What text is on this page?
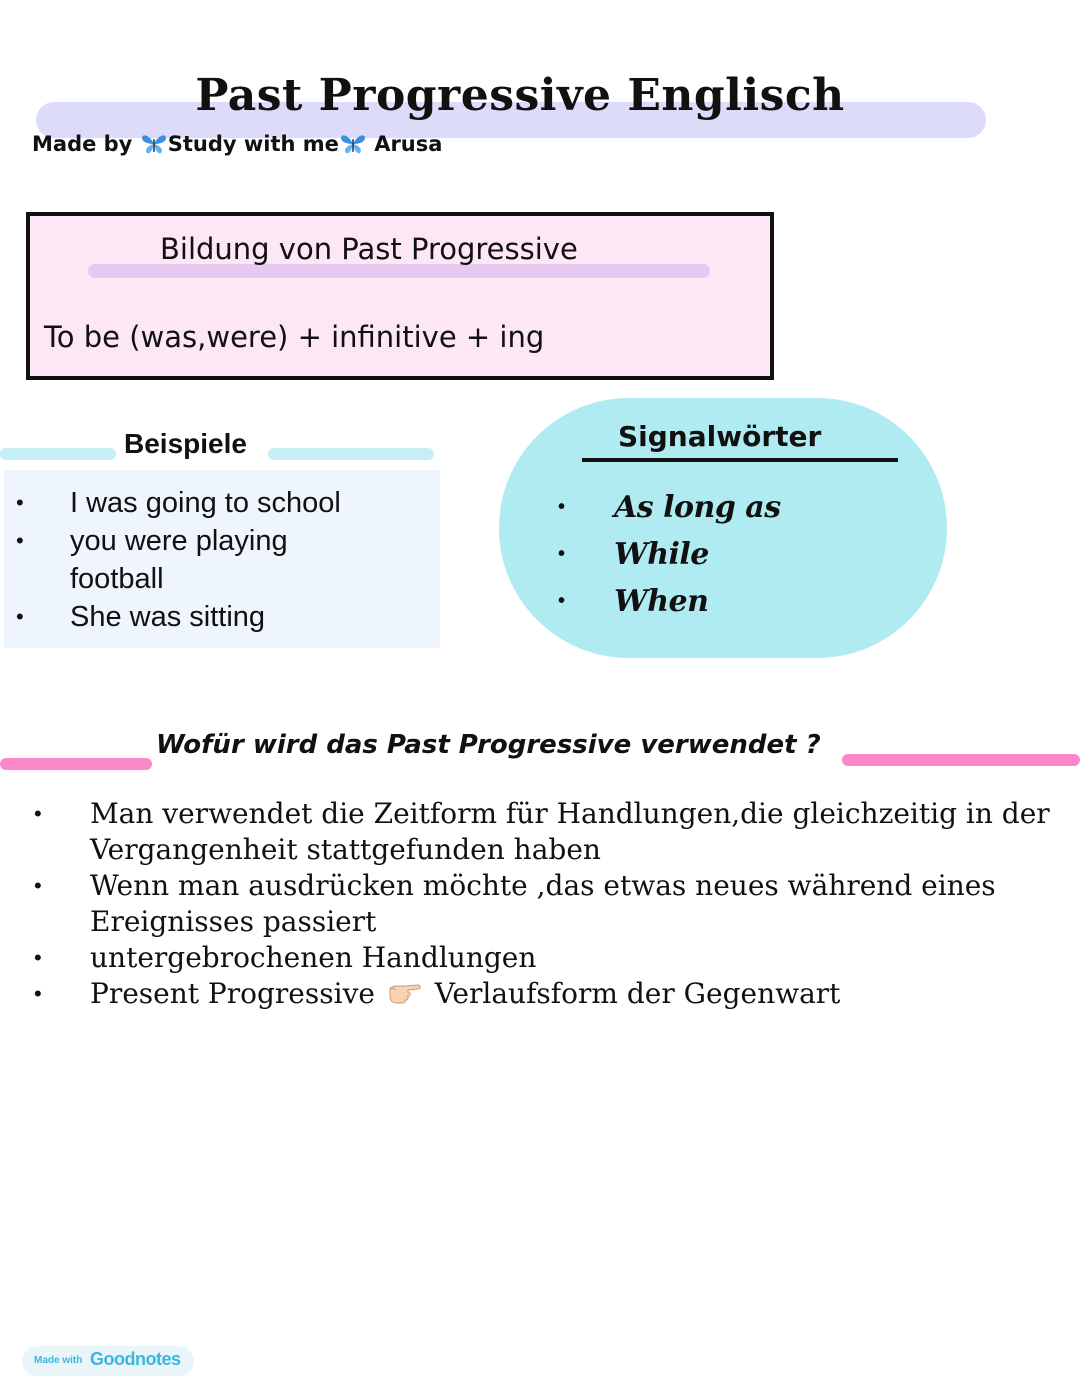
Past Progressive Englisch
Made by Study with me Arusa
Bildung von Past Progressive
To be (was,were) + infinitive + ing
Beispiele
• I was going to school
• you were playing football
• She was sitting
Signalwörter
• As long as
• While
• When
Wofür wird das Past Progressive verwendet ?
• Man verwendet die Zeitform für Handlungen,die gleichzeitig in der Vergangenheit stattgefunden haben
• Wenn man ausdrücken möchte ,das etwas neues während eines Ereignisses passiert
• untergebrochenen Handlungen
• Present Progressive Verlaufsform der Gegenwart
Made with Goodnotes
